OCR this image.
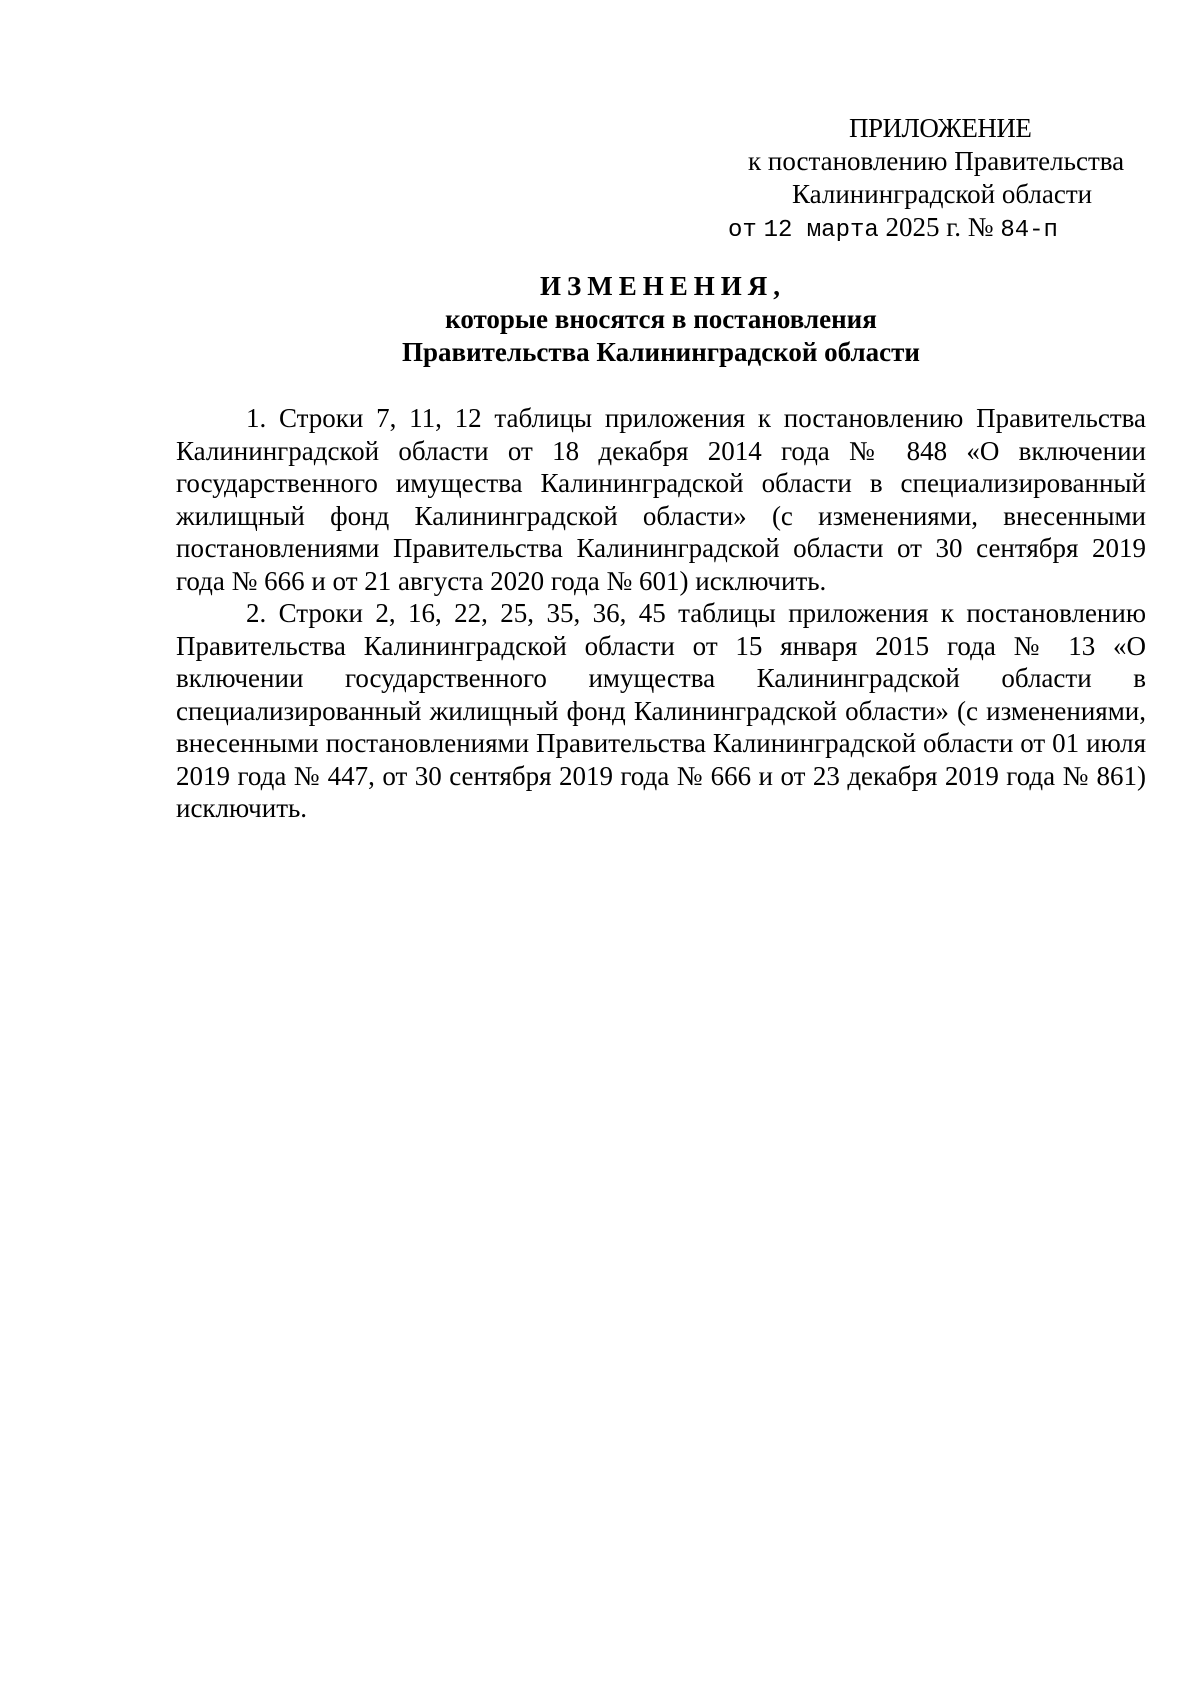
ПРИЛОЖЕНИЕ
к постановлению Правительства
Калининградской области
от 12 марта 2025 г. № 84-п
ИЗМЕНЕНИЯ,
которые вносятся в постановления
Правительства Калининградской области

1. Строки 7, 11, 12 таблицы приложения к постановлению Правительства Калининградской области от 18 декабря 2014 года № 848 «О включении государственного имущества Калининградской области в специализированный жилищный фонд Калининградской области» (с изменениями, внесенными постановлениями Правительства Калининградской области от 30 сентября 2019 года № 666 и от 21 августа 2020 года № 601) исключить.

2. Строки 2, 16, 22, 25, 35, 36, 45 таблицы приложения к постановлению Правительства Калининградской области от 15 января 2015 года № 13 «О включении государственного имущества Калининградской области в специализированный жилищный фонд Калининградской области» (с изменениями, внесенными постановлениями Правительства Калининградской области от 01 июля 2019 года № 447, от 30 сентября 2019 года № 666 и от 23 декабря 2019 года № 861) исключить.
